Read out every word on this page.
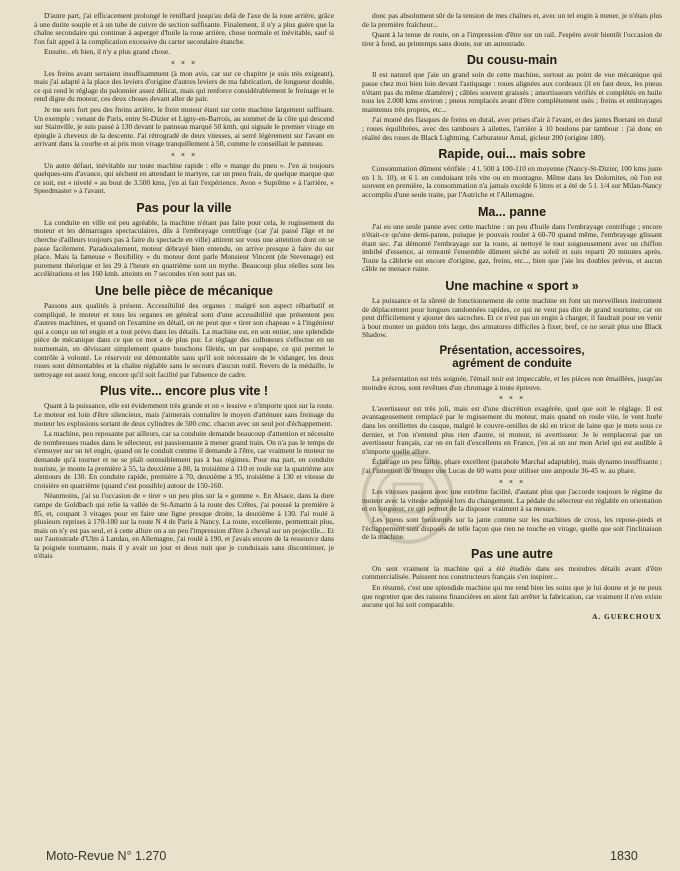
D'autre part, j'ai efficacement prolongé le reniflard jusqu'au delà de l'axe de la roue arrière, grâce à une durite souple et à un tube de cuivre de section suffisante. Finalement, il n'y a plus guère que la chaîne secondaire qui continue à asperger d'huile la roue arrière, chose normale et inévitable, sauf si l'on fait appel à la complication excessive du carter secondaire étanche.

Ensuite.. eh bien, il n'y a plus grand chose.

× × ×

Les freins avant serraient insuffisamment (à mon avis, car sur ce chapitre je suis très exigeant), mais j'ai adapté à la place des leviers d'origine d'autres leviers de ma fabrication, de longueur double, ce qui rend le réglage du palonnier assez délicat, mais qui renforce considérablement le freinage et le rend digne du moteur, ces deux choses devant aller de pair.

Je me sers fort peu des freins arrière, le frein moteur étant sur cette machine largement suffisant. Un exemple : venant de Paris, entre St-Dizier et Ligny-en-Barrois, au sommet de la côte qui descend sur Stainville, je suis passé à 130 devant le panneau marqué 50 kmh. qui signale le premier virage en épingle à cheveux de la descente. J'ai rétrogradé de deux vitesses, ai serré légèrement sur l'avant en arrivant dans la courbe et ai pris mon virage tranquillement à 50, comme le conseillait le panneau.

× × ×

Un autre défaut, inévitable sur toute machine rapide : elle « mange du pneu ». J'en ai toujours quelques-uns d'avance, qui sèchent en attendant le martyre, car un pneu frais, de quelque marque que ce soit, est « nivelé » au bout de 3.500 kms, j'en ai fait l'expérience. Avon « Suprême » à l'arrière, « Speedmaster » à l'avant.

Pas pour la ville

La conduite en ville est peu agréable, la machine n'étant pas faite pour cela, le rugissement du moteur et les démarrages spectaculaires, dûs à l'embrayage centrifuge (car j'ai passé l'âge et ne cherche d'ailleurs toujours pas à faire du spectacle en ville) attirent sur vous une attention dont on se passe facilement. Paradoxalement, moteur débrayé bien entendu, on arrive presque à faire du sur place. Mais la fameuse « flexibility » du moteur dont parle Monsieur Vincent (de Stevenage) est purement théorique et les 29 à l'heure en quatrième sont un mythe. Beaucoup plus réelles sont les accélérations et les 160 kmh. atteints en 7 secondes n'en sont pas un.

Une belle pièce de mécanique

Passons aux qualités à présent. Accessibilité des organes : malgré son aspect rébarbatif et compliqué, le moteur et tous les organes en général sont d'une accessibilité que présentent peu d'autres machines, et quand on l'examine en détail, on ne peut que « tirer son chapeau » à l'ingénieur qui a conçu un tel engin et a tout prévu dans les détails. La machine est, en son entier, une splendide pièce de mécanique dans ce que ce mot a de plus pur. Le réglage des culbuteurs s'effectue en un tournemain, en dévissant simplement quatre bouchons filetés, un par soupape, ce qui permet le contrôle à volonté. Le réservoir est démontable sans qu'il soit nécessaire de le vidanger, les deux roues sont démontables et la chaîne réglable sans le secours d'aucun outil. Revers de la médaille, le nettoyage est assez long, encore qu'il soit facilité par l'absence de cadre.

Plus vite... encore plus vite !

Quant à la puissance, elle est évidemment très grande et on « lessive » n'importe quoi sur la route. Le moteur est loin d'être silencieux, mais j'aimerais connaître le moyen d'atténuer sans freinage du moteur les explosions sortant de deux cylindres de 500 cmc. chacun avec un seul pot d'échappement.

La machine, peu reposante par ailleurs, car sa conduite demande beaucoup d'attention et nécessite de nombreuses ruades dans le sélecteur, est passionnante à mener grand train. On n'a pas le temps de s'ennuyer sur un tel engin, quand on le conduit comme il demande à l'être, car vraiment le moteur ne demande qu'à tourner et ne se plaît ostensiblement pas à bas régimes. Pour ma part, en conduite touriste, je monte la première à 55, la deuxième à 80, la troisième à 110 et roule sur la quatrième aux alentours de 130. En conduite rapide, première à 70, deuxième à 95, troisième à 130 et vitesse de croisière en quatrième (quand c'est possible) autour de 150-160.

Néanmoins, j'ai su l'occasion de « tirer » un peu plus sur la « gomme ». En Alsace, dans la dure rampe de Goldbach qui relie la vallée de St-Amarin à la route des Crêtes, j'ai poussé la première à 85, et, coupant 3 virages pour en faire une ligne presque droite, la deuxième à 130. J'ai roulé à plusieurs reprises à 170-180 sur la route N 4 de Paris à Nancy. La route, excellente, permettrait plus, mais on n'y est pas seul, et à cette allure on a un peu l'impression d'être à cheval sur un projectile... Et sur l'autostrade d'Ulm à Landau, en Allemagne, j'ai roulé à 190, et j'avais encore de la ressource dans la poignée tournante, mais il y avait un jour et deux nuit que je conduisais sans discontinuer, je n'étais

donc pas absolument sûr de la tension de mes chaînes et, avec un tel engin à mener, je n'étais plus de la première fraîcheur...

Quant à la tenue de route, on a l'impression d'être sur un rail. J'espère avoir bientôt l'occasion de tirer à fond, au printemps sans doute, sur un autostrade.

Du cousu-main

Il est naturel que j'aie un grand soin de cette machine, surtout au point de vue mécanique qui passe chez moi bien loin devant l'astiquage : roues alignées aux cordeaux (il en faut deux, les pneus n'étant pas du même diamètre) ; câbles souvent graissés ; amortisseurs vérifiés et complétés en huile tous les 2.000 kms environ ; pneus remplacés avant d'être complètement usés ; freins et embrayages maintenus très propres, etc...

J'ai monté des flasques de freins en dural, avec prises d'air à l'avant, et des jantes Borrani en dural ; roues équilibrées, avec des tambours à ailettes, l'arrière à 10 boulons par tambour : j'ai donc en réalité des roues de Black Lightning. Carburateur Amal, gicleur 200 (origine 180).

Rapide, oui... mais sobre

Consommation dûment vérifiée : 4 l. 500 à 100-110 en moyenne (Nancy-St-Dizier, 100 kms juste en 1 h. 10), et 6 l. en conduisant très vite ou en montagne. Même dans les Dolomites, où l'on est souvent en première, la consommation n'a jamais excédé 6 litres et a été de 5 l. 1/4 sur Milan-Nancy accomplis d'une seule traite, par l'Autriche et l'Allemagne.

Ma... panne

J'ai eu une seule panne avec cette machine : un peu d'huile dans l'embrayage centrifuge ; encore n'était-ce qu'une demi-panne, puisque je pouvais rouler à 60-70 quand même, l'embrayage glissant étant sec. J'ai démonté l'embrayage sur la route, ai nettoyé le tout soigneusement avec un chiffon imbibé d'essence, ai remonté l'ensemble dûment séché au soleil et suis reparti 20 minutes après. Toute la câblerie est encore d'origine, gaz, freins, etc..., bien que j'aie les doubles prévus, et aucun câble ne menace ruine.

Une machine « sport »

La puissance et la sûreté de fonctionnement de cette machine en font un merveilleux instrument de déplacement pour longues randonnées rapides, ce qui ne veut pas dire de grand tourisme, car on peut difficilement y ajouter des sacoches. Et ce n'est pas un engin à charger, il faudrait pour en venir à bout monter un guidon très large, des armatures difficiles à fixer, bref, ce ne serait plus une Black Shadow.

Présentation, accessoires,
agrément de conduite

La présentation est très soignée, l'émail noir est impeccable, et les pièces non émaillées, jusqu'au moindre écrou, sont revêtues d'un chromage à toute épreuve.

× × ×

L'avertisseur est très joli, mais est d'une discrétion exagérée, quel que soit le réglage. Il est avantageusement remplacé par le rugissement du moteur, mais quand on roule vite, le vent hurle dans les oreillettes du casque, malgré le couvre-oreilles de ski en tricot de laine que je mets sous ce dernier, et l'on n'entend plus rien d'autre, ni moteur, ni avertisseur. Je le remplacerai par un avertisseur français, car on en fait d'excellents en France, j'en ai un sur mon Ariel qui est audible à n'importe quelle allure.

Éclairage un peu faible, phare excellent (parabole Marchal adaptable), mais dynamo insuffisante ; j'ai l'intention de monter une Lucas de 60 watts pour utiliser une ampoule 36-45 w. au phare.

× × ×

Les vitesses passent avec une extrême facilité, d'autant plus que j'accorde toujours le régime du moteur avec la vitesse adoptée lors du changement. La pédale du sélecteur est réglable en orientation et en longueur, ce qui permet de la disposer vraiment à sa mesure.

Les pneus sont boulonnés sur la jante comme sur les machines de cross, les repose-pieds et l'échappement sont disposés de telle façon que rien ne touche en virage, quelle que soit l'inclinaison de la machine.

Pas une autre

On sent vraiment la machine qui a été étudiée dans ses moindres détails avant d'être commercialisée. Puissent nos constructeurs français s'en inspirer...

En résumé, c'est une splendide machine qui me rend bien les soins que je lui donne et je ne peux que regretter que des raisons financières en aient fait arrêter la fabrication, car vraiment il n'en existe aucune qui lui soit comparable.

A. GUERCHOUX
Moto-Revue N° 1.270	1830
